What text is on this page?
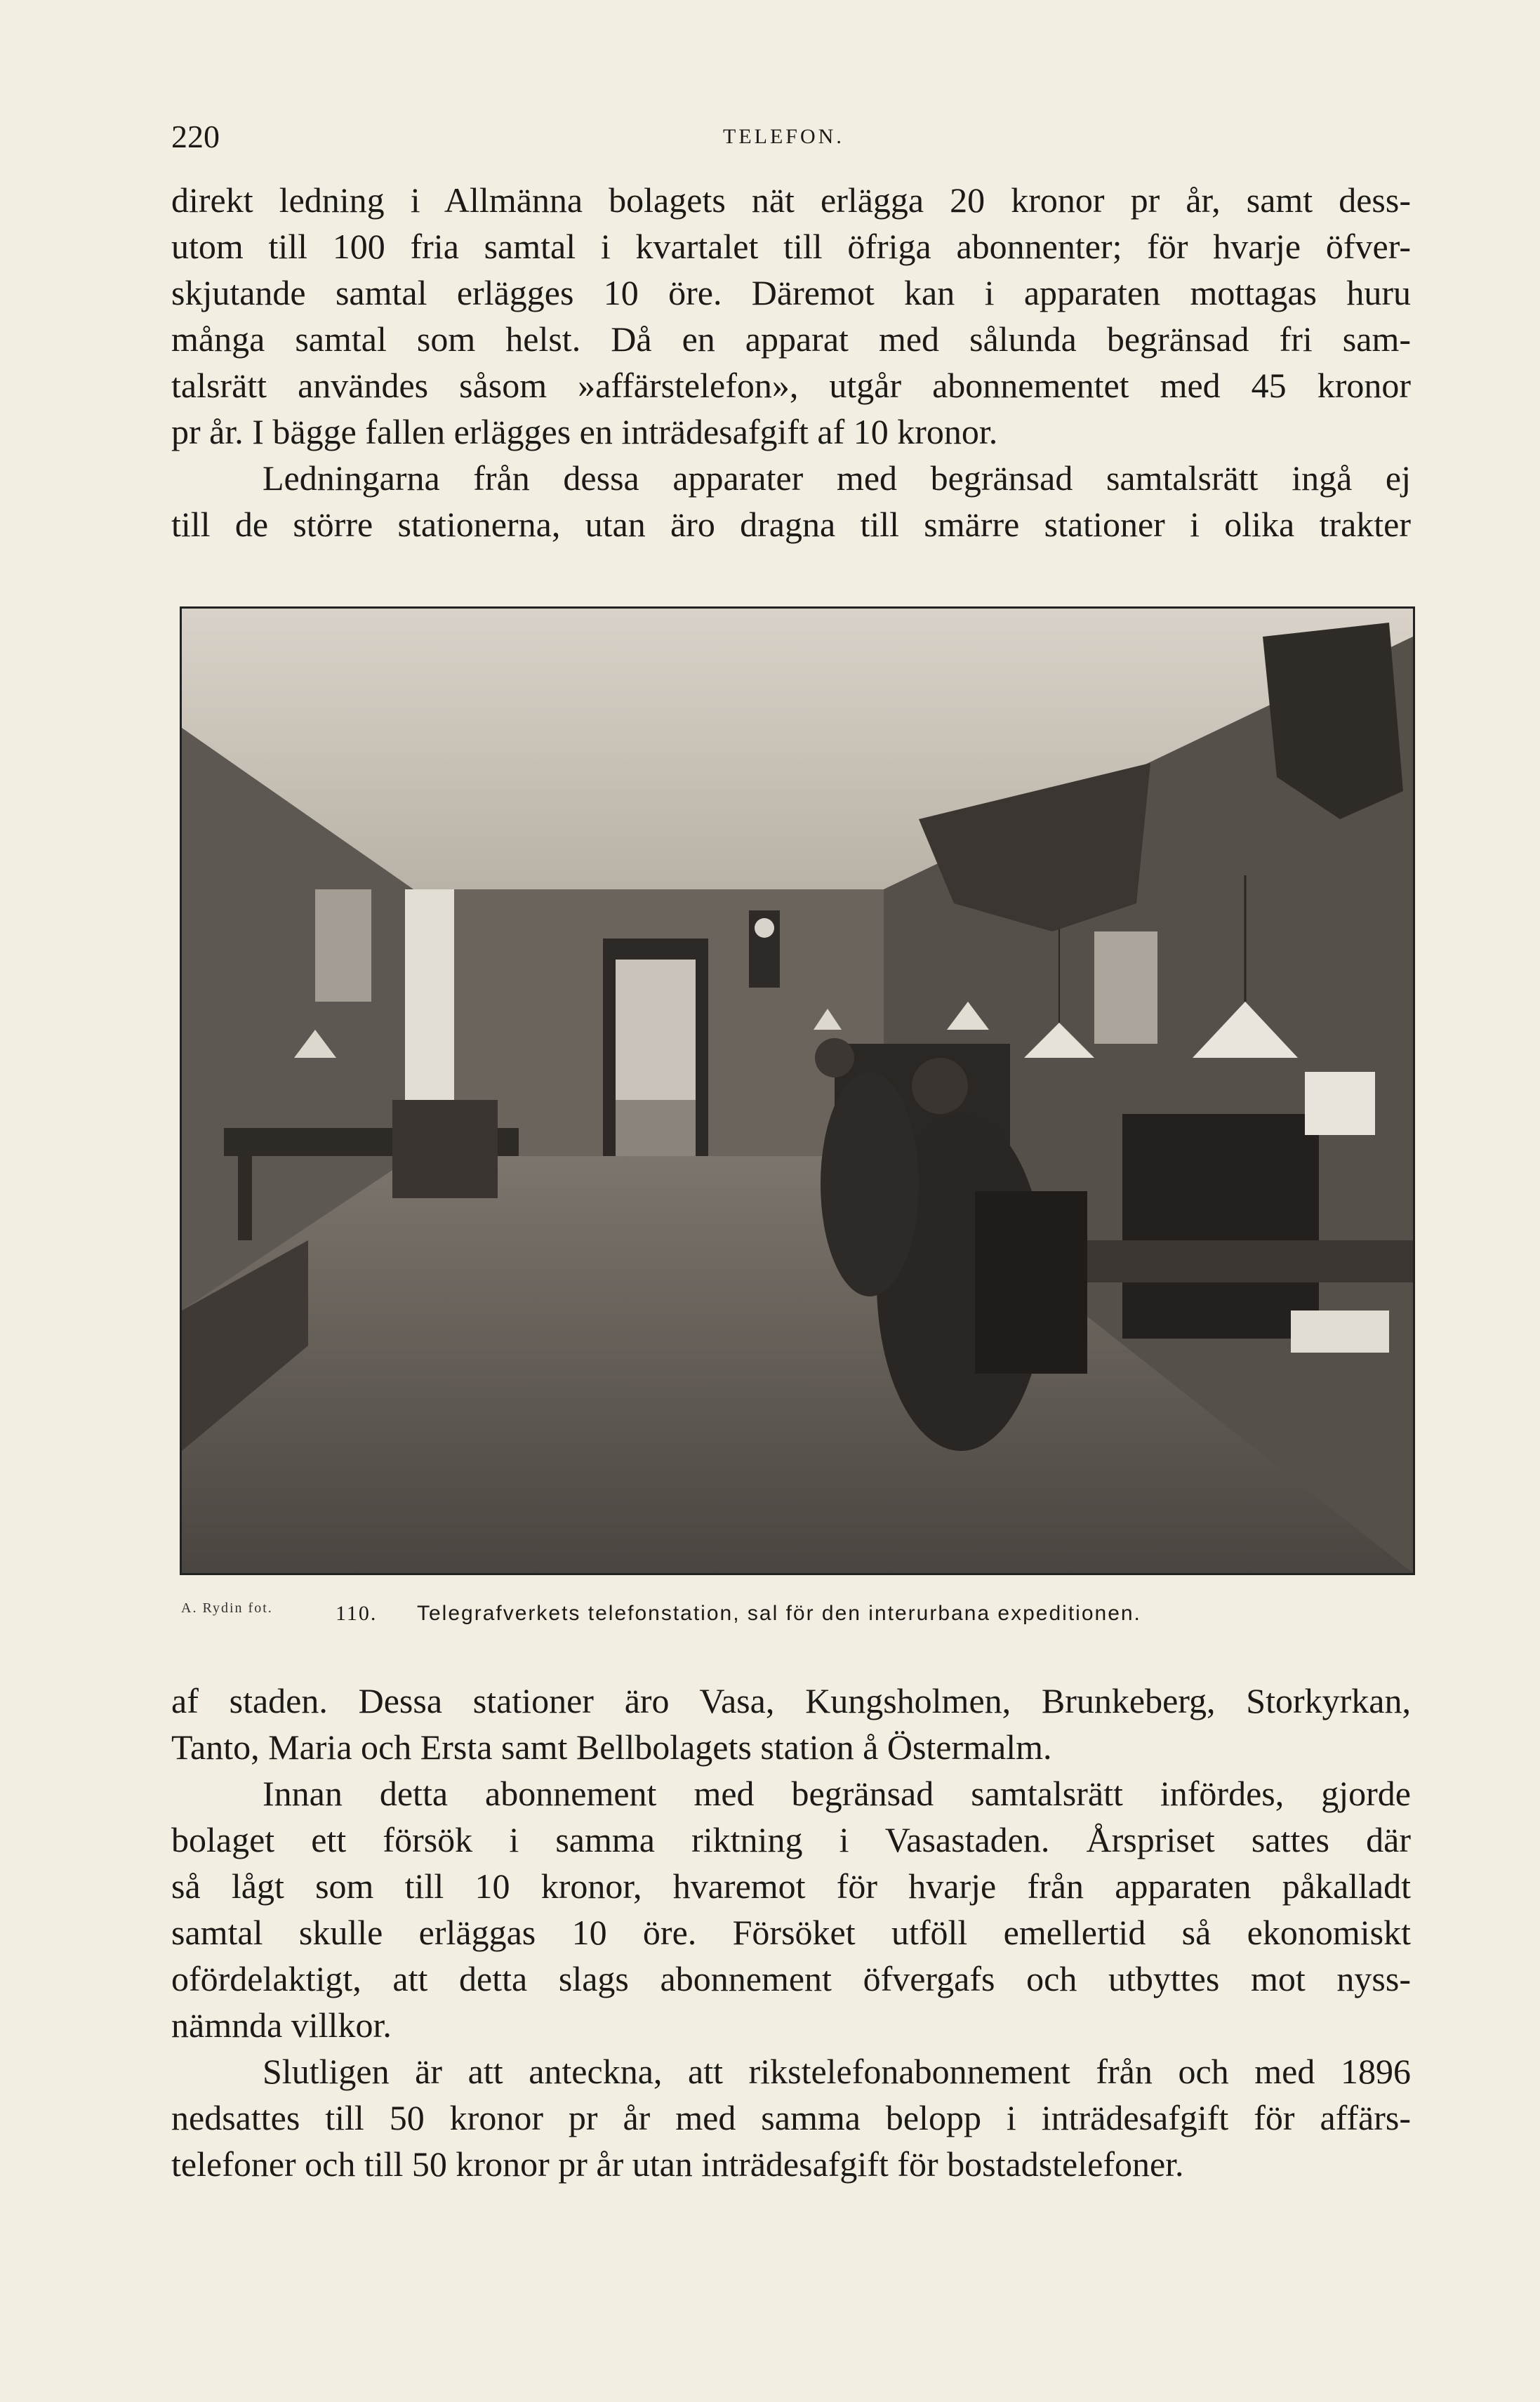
220	TELEFON.
direkt ledning i Allmänna bolagets nät erlägga 20 kronor pr år, samt dess-
utom till 100 fria samtal i kvartalet till öfriga abonnenter; för hvarje öfver-
skjutande samtal erlägges 10 öre. Däremot kan i apparaten mottagas huru
många samtal som helst. Då en apparat med sålunda begränsad fri sam-
talsrätt användes såsom »affärstelefon», utgår abonnementet med 45 kronor
pr år. I bägge fallen erlägges en inträdesafgift af 10 kronor.
Ledningarna från dessa apparater med begränsad samtalsrätt ingå ej
till de större stationerna, utan äro dragna till smärre stationer i olika trakter
A. Rydin fot.	110. Telegrafverkets telefonstation, sal för den interurbana expeditionen.
af staden. Dessa stationer äro Vasa, Kungsholmen, Brunkeberg, Storkyrkan,
Tanto, Maria och Ersta samt Bellbolagets station å Östermalm.
Innan detta abonnement med begränsad samtalsrätt infördes, gjorde
bolaget ett försök i samma riktning i Vasastaden. Årspriset sattes där
så lågt som till 10 kronor, hvaremot för hvarje från apparaten påkalladt
samtal skulle erläggas 10 öre. Försöket utföll emellertid så ekonomiskt
ofördelaktigt, att detta slags abonnement öfvergafs och utbyttes mot nyss-
nämnda villkor.
Slutligen är att anteckna, att rikstelefonabonnement från och med 1896
nedsattes till 50 kronor pr år med samma belopp i inträdesafgift för affärs-
telefoner och till 50 kronor pr år utan inträdesafgift för bostadstelefoner.
